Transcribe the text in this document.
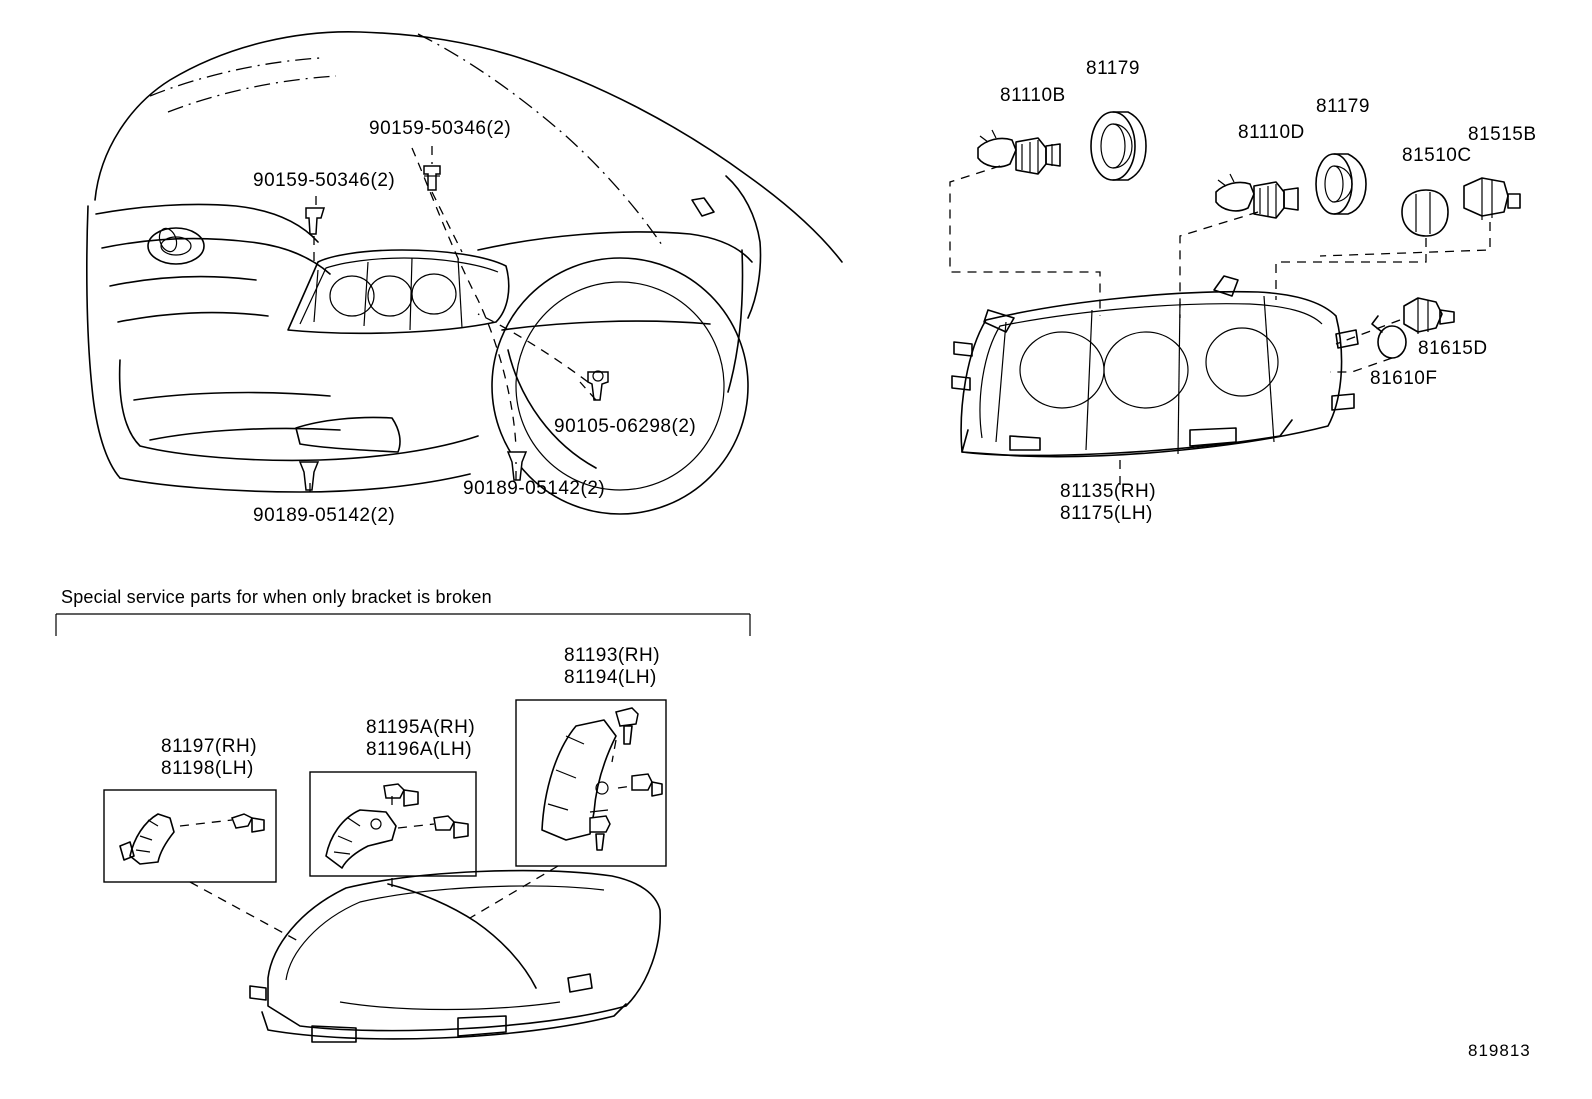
90159-50346(2)
90159-50346(2)
90105-06298(2)
90189-05142(2)
90189-05142(2)
81110B
81179
81110D
81179
81510C
81515B
81615D
81610F
81135(RH)
81175(LH)
Special service parts for when only bracket is broken
81193(RH)
81194(LH)
81195A(RH)
81196A(LH)
81197(RH)
81198(LH)
819813
